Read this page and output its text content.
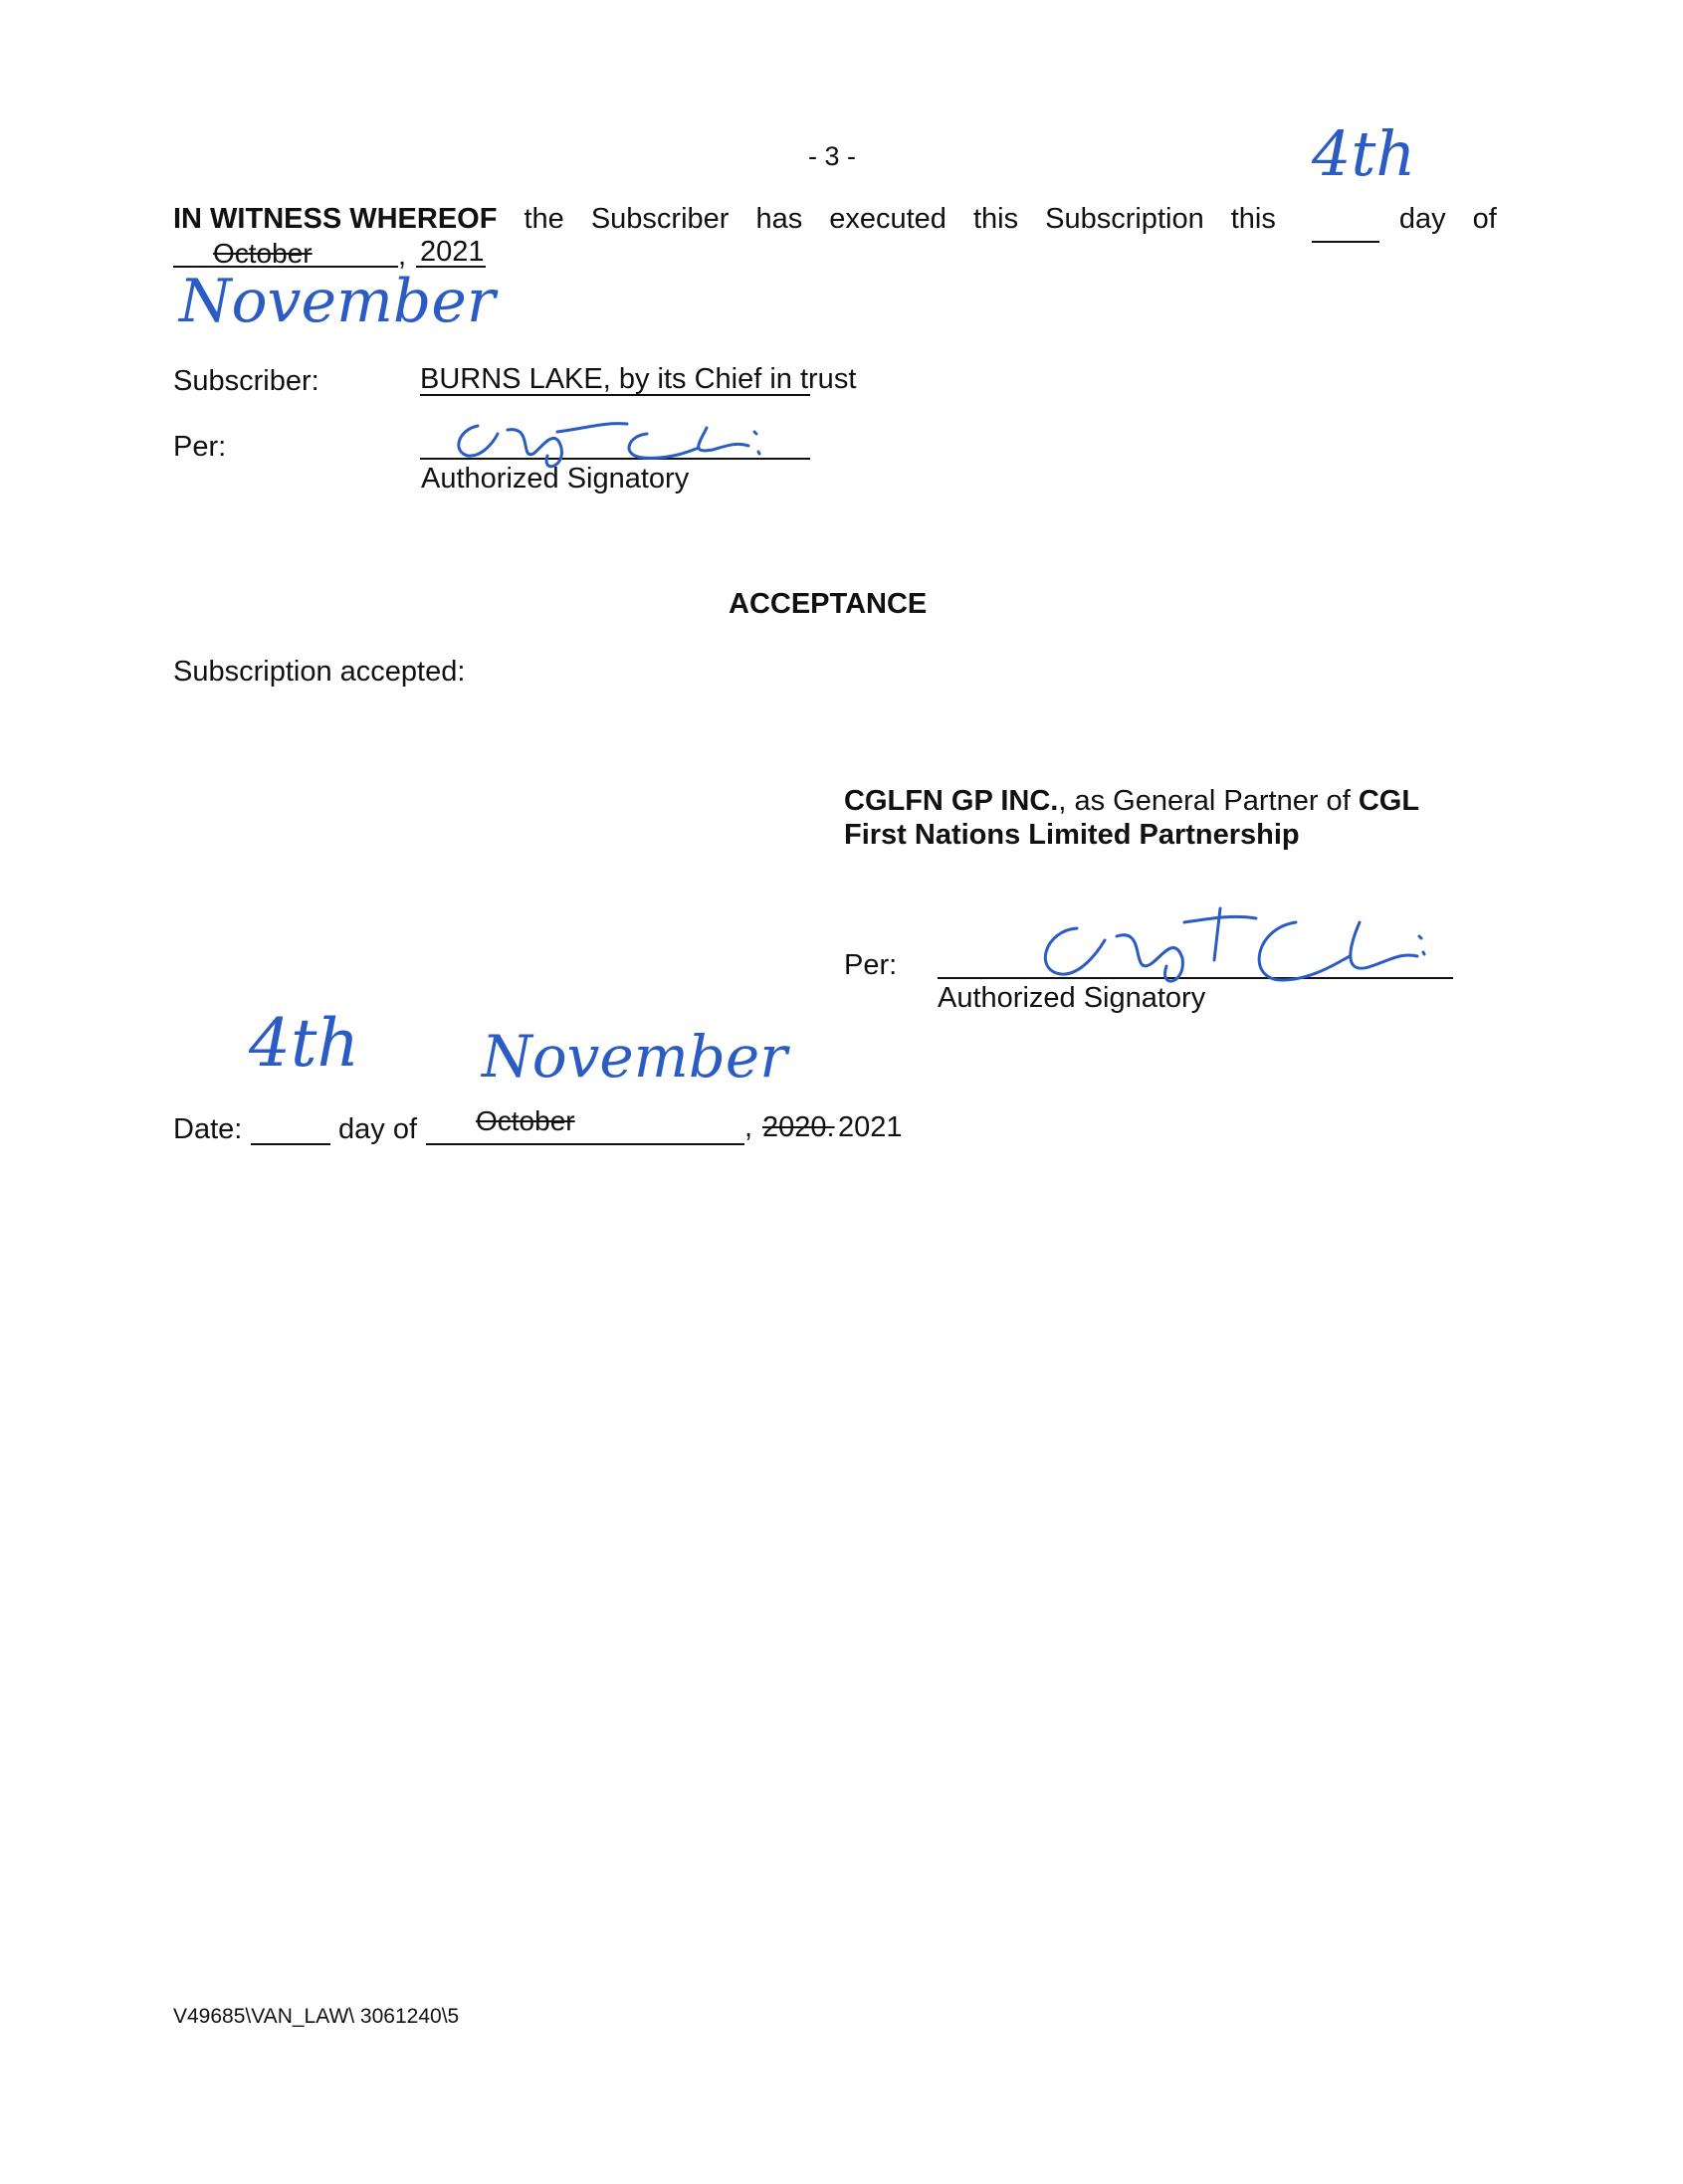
- 3 -
IN WITNESS WHEREOF the Subscriber has executed this Subscription this	day of
4th
October	, 2021
November
Subscriber:	BURNS LAKE, by its Chief in trust
Per:
Authorized Signatory
ACCEPTANCE
Subscription accepted:
CGLFN GP INC., as General Partner of CGL
First Nations Limited Partnership
Per:
Authorized Signatory
Date:
4th
day of October
November
, 2020. 2021
V49685\VAN_LAW\ 3061240\5
